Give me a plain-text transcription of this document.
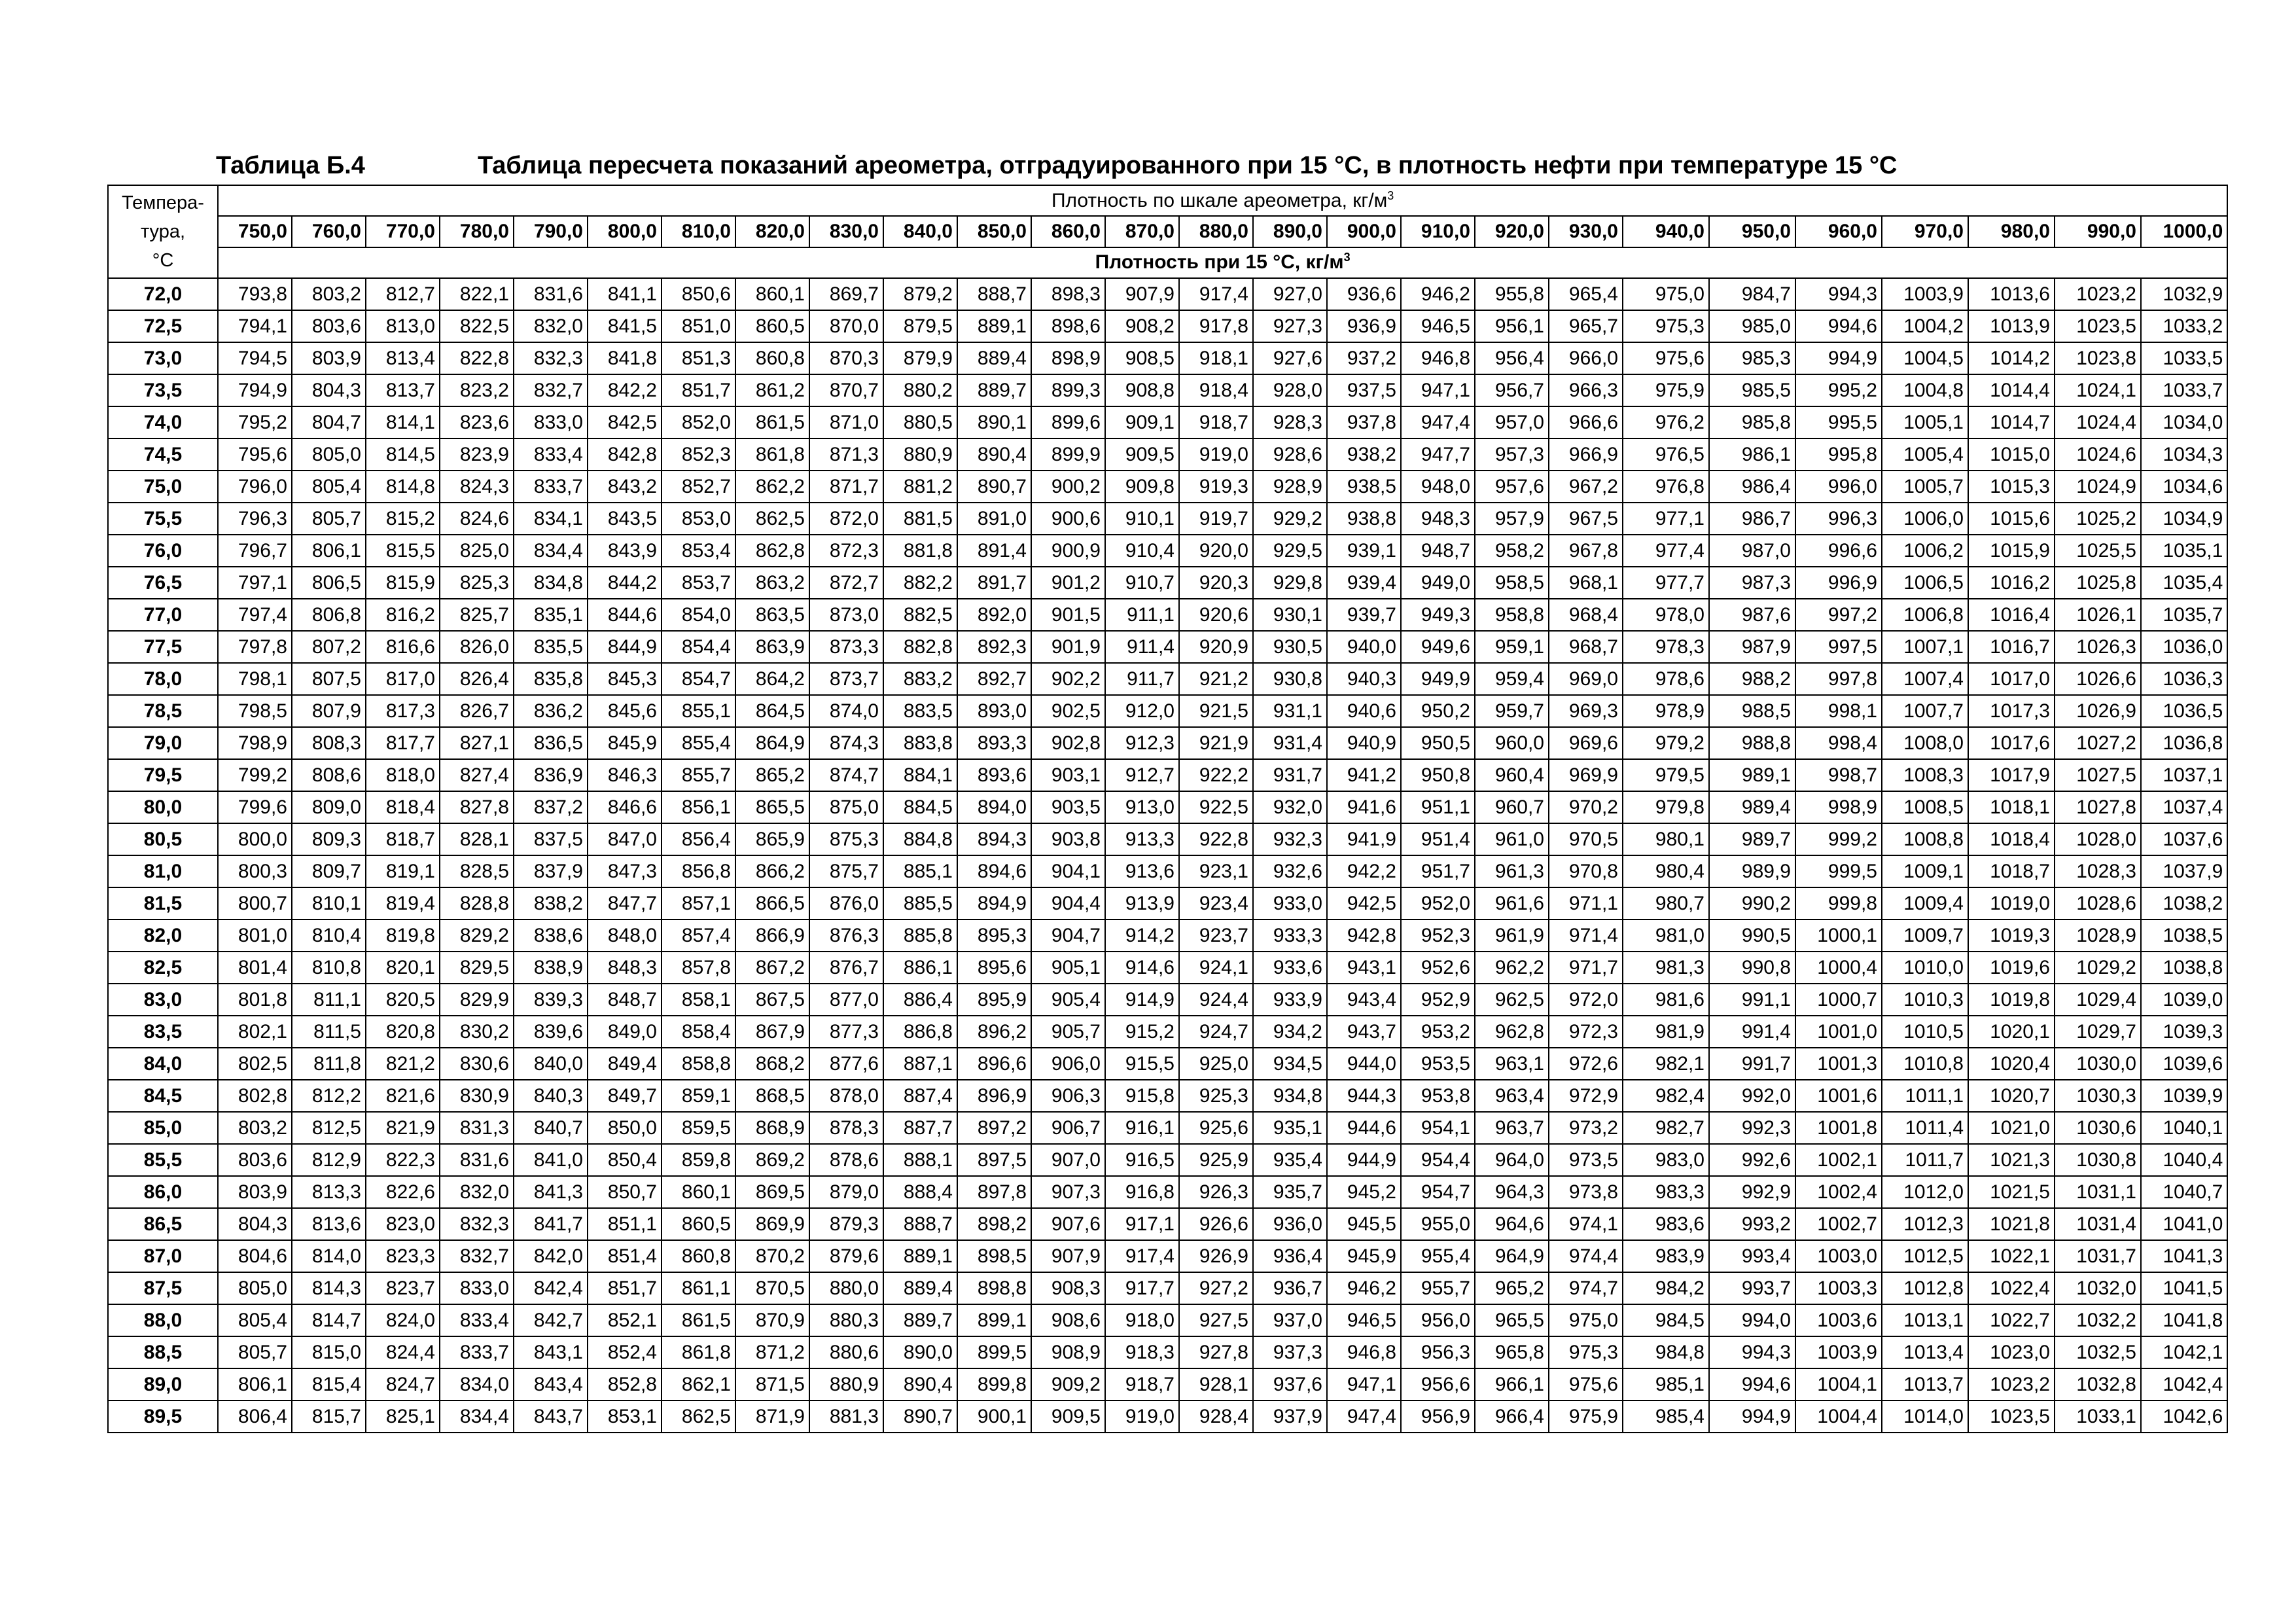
Таблица Б.4	Таблица пересчета показаний ареометра, отградуированного при 15 °С, в плотность нефти при температуре 15 °С
Темпера-
тура,
°С	Плотность по шкале ареометра, $кг/м^3$
	750,0	760,0	770,0	780,0	790,0	800,0	810,0	820,0	830,0	840,0	850,0	860,0	870,0	880,0	890,0	900,0	910,0	920,0	930,0	940,0	950,0	960,0	970,0	980,0	990,0	1000,0
	Плотность при 15 °С, $кг/м^3$
72,0	793,8	803,2	812,7	822,1	831,6	841,1	850,6	860,1	869,7	879,2	888,7	898,3	907,9	917,4	927,0	936,6	946,2	955,8	965,4	975,0	984,7	994,3	1003,9	1013,6	1023,2	1032,9
72,5	794,1	803,6	813,0	822,5	832,0	841,5	851,0	860,5	870,0	879,5	889,1	898,6	908,2	917,8	927,3	936,9	946,5	956,1	965,7	975,3	985,0	994,6	1004,2	1013,9	1023,5	1033,2
73,0	794,5	803,9	813,4	822,8	832,3	841,8	851,3	860,8	870,3	879,9	889,4	898,9	908,5	918,1	927,6	937,2	946,8	956,4	966,0	975,6	985,3	994,9	1004,5	1014,2	1023,8	1033,5
73,5	794,9	804,3	813,7	823,2	832,7	842,2	851,7	861,2	870,7	880,2	889,7	899,3	908,8	918,4	928,0	937,5	947,1	956,7	966,3	975,9	985,5	995,2	1004,8	1014,4	1024,1	1033,7
74,0	795,2	804,7	814,1	823,6	833,0	842,5	852,0	861,5	871,0	880,5	890,1	899,6	909,1	918,7	928,3	937,8	947,4	957,0	966,6	976,2	985,8	995,5	1005,1	1014,7	1024,4	1034,0
74,5	795,6	805,0	814,5	823,9	833,4	842,8	852,3	861,8	871,3	880,9	890,4	899,9	909,5	919,0	928,6	938,2	947,7	957,3	966,9	976,5	986,1	995,8	1005,4	1015,0	1024,6	1034,3
75,0	796,0	805,4	814,8	824,3	833,7	843,2	852,7	862,2	871,7	881,2	890,7	900,2	909,8	919,3	928,9	938,5	948,0	957,6	967,2	976,8	986,4	996,0	1005,7	1015,3	1024,9	1034,6
75,5	796,3	805,7	815,2	824,6	834,1	843,5	853,0	862,5	872,0	881,5	891,0	900,6	910,1	919,7	929,2	938,8	948,3	957,9	967,5	977,1	986,7	996,3	1006,0	1015,6	1025,2	1034,9
76,0	796,7	806,1	815,5	825,0	834,4	843,9	853,4	862,8	872,3	881,8	891,4	900,9	910,4	920,0	929,5	939,1	948,7	958,2	967,8	977,4	987,0	996,6	1006,2	1015,9	1025,5	1035,1
76,5	797,1	806,5	815,9	825,3	834,8	844,2	853,7	863,2	872,7	882,2	891,7	901,2	910,7	920,3	929,8	939,4	949,0	958,5	968,1	977,7	987,3	996,9	1006,5	1016,2	1025,8	1035,4
77,0	797,4	806,8	816,2	825,7	835,1	844,6	854,0	863,5	873,0	882,5	892,0	901,5	911,1	920,6	930,1	939,7	949,3	958,8	968,4	978,0	987,6	997,2	1006,8	1016,4	1026,1	1035,7
77,5	797,8	807,2	816,6	826,0	835,5	844,9	854,4	863,9	873,3	882,8	892,3	901,9	911,4	920,9	930,5	940,0	949,6	959,1	968,7	978,3	987,9	997,5	1007,1	1016,7	1026,3	1036,0
78,0	798,1	807,5	817,0	826,4	835,8	845,3	854,7	864,2	873,7	883,2	892,7	902,2	911,7	921,2	930,8	940,3	949,9	959,4	969,0	978,6	988,2	997,8	1007,4	1017,0	1026,6	1036,3
78,5	798,5	807,9	817,3	826,7	836,2	845,6	855,1	864,5	874,0	883,5	893,0	902,5	912,0	921,5	931,1	940,6	950,2	959,7	969,3	978,9	988,5	998,1	1007,7	1017,3	1026,9	1036,5
79,0	798,9	808,3	817,7	827,1	836,5	845,9	855,4	864,9	874,3	883,8	893,3	902,8	912,3	921,9	931,4	940,9	950,5	960,0	969,6	979,2	988,8	998,4	1008,0	1017,6	1027,2	1036,8
79,5	799,2	808,6	818,0	827,4	836,9	846,3	855,7	865,2	874,7	884,1	893,6	903,1	912,7	922,2	931,7	941,2	950,8	960,4	969,9	979,5	989,1	998,7	1008,3	1017,9	1027,5	1037,1
80,0	799,6	809,0	818,4	827,8	837,2	846,6	856,1	865,5	875,0	884,5	894,0	903,5	913,0	922,5	932,0	941,6	951,1	960,7	970,2	979,8	989,4	998,9	1008,5	1018,1	1027,8	1037,4
80,5	800,0	809,3	818,7	828,1	837,5	847,0	856,4	865,9	875,3	884,8	894,3	903,8	913,3	922,8	932,3	941,9	951,4	961,0	970,5	980,1	989,7	999,2	1008,8	1018,4	1028,0	1037,6
81,0	800,3	809,7	819,1	828,5	837,9	847,3	856,8	866,2	875,7	885,1	894,6	904,1	913,6	923,1	932,6	942,2	951,7	961,3	970,8	980,4	989,9	999,5	1009,1	1018,7	1028,3	1037,9
81,5	800,7	810,1	819,4	828,8	838,2	847,7	857,1	866,5	876,0	885,5	894,9	904,4	913,9	923,4	933,0	942,5	952,0	961,6	971,1	980,7	990,2	999,8	1009,4	1019,0	1028,6	1038,2
82,0	801,0	810,4	819,8	829,2	838,6	848,0	857,4	866,9	876,3	885,8	895,3	904,7	914,2	923,7	933,3	942,8	952,3	961,9	971,4	981,0	990,5	1000,1	1009,7	1019,3	1028,9	1038,5
82,5	801,4	810,8	820,1	829,5	838,9	848,3	857,8	867,2	876,7	886,1	895,6	905,1	914,6	924,1	933,6	943,1	952,6	962,2	971,7	981,3	990,8	1000,4	1010,0	1019,6	1029,2	1038,8
83,0	801,8	811,1	820,5	829,9	839,3	848,7	858,1	867,5	877,0	886,4	895,9	905,4	914,9	924,4	933,9	943,4	952,9	962,5	972,0	981,6	991,1	1000,7	1010,3	1019,8	1029,4	1039,0
83,5	802,1	811,5	820,8	830,2	839,6	849,0	858,4	867,9	877,3	886,8	896,2	905,7	915,2	924,7	934,2	943,7	953,2	962,8	972,3	981,9	991,4	1001,0	1010,5	1020,1	1029,7	1039,3
84,0	802,5	811,8	821,2	830,6	840,0	849,4	858,8	868,2	877,6	887,1	896,6	906,0	915,5	925,0	934,5	944,0	953,5	963,1	972,6	982,1	991,7	1001,3	1010,8	1020,4	1030,0	1039,6
84,5	802,8	812,2	821,6	830,9	840,3	849,7	859,1	868,5	878,0	887,4	896,9	906,3	915,8	925,3	934,8	944,3	953,8	963,4	972,9	982,4	992,0	1001,6	1011,1	1020,7	1030,3	1039,9
85,0	803,2	812,5	821,9	831,3	840,7	850,0	859,5	868,9	878,3	887,7	897,2	906,7	916,1	925,6	935,1	944,6	954,1	963,7	973,2	982,7	992,3	1001,8	1011,4	1021,0	1030,6	1040,1
85,5	803,6	812,9	822,3	831,6	841,0	850,4	859,8	869,2	878,6	888,1	897,5	907,0	916,5	925,9	935,4	944,9	954,4	964,0	973,5	983,0	992,6	1002,1	1011,7	1021,3	1030,8	1040,4
86,0	803,9	813,3	822,6	832,0	841,3	850,7	860,1	869,5	879,0	888,4	897,8	907,3	916,8	926,3	935,7	945,2	954,7	964,3	973,8	983,3	992,9	1002,4	1012,0	1021,5	1031,1	1040,7
86,5	804,3	813,6	823,0	832,3	841,7	851,1	860,5	869,9	879,3	888,7	898,2	907,6	917,1	926,6	936,0	945,5	955,0	964,6	974,1	983,6	993,2	1002,7	1012,3	1021,8	1031,4	1041,0
87,0	804,6	814,0	823,3	832,7	842,0	851,4	860,8	870,2	879,6	889,1	898,5	907,9	917,4	926,9	936,4	945,9	955,4	964,9	974,4	983,9	993,4	1003,0	1012,5	1022,1	1031,7	1041,3
87,5	805,0	814,3	823,7	833,0	842,4	851,7	861,1	870,5	880,0	889,4	898,8	908,3	917,7	927,2	936,7	946,2	955,7	965,2	974,7	984,2	993,7	1003,3	1012,8	1022,4	1032,0	1041,5
88,0	805,4	814,7	824,0	833,4	842,7	852,1	861,5	870,9	880,3	889,7	899,1	908,6	918,0	927,5	937,0	946,5	956,0	965,5	975,0	984,5	994,0	1003,6	1013,1	1022,7	1032,2	1041,8
88,5	805,7	815,0	824,4	833,7	843,1	852,4	861,8	871,2	880,6	890,0	899,5	908,9	918,3	927,8	937,3	946,8	956,3	965,8	975,3	984,8	994,3	1003,9	1013,4	1023,0	1032,5	1042,1
89,0	806,1	815,4	824,7	834,0	843,4	852,8	862,1	871,5	880,9	890,4	899,8	909,2	918,7	928,1	937,6	947,1	956,6	966,1	975,6	985,1	994,6	1004,1	1013,7	1023,2	1032,8	1042,4
89,5	806,4	815,7	825,1	834,4	843,7	853,1	862,5	871,9	881,3	890,7	900,1	909,5	919,0	928,4	937,9	947,4	956,9	966,4	975,9	985,4	994,9	1004,4	1014,0	1023,5	1033,1	1042,6
